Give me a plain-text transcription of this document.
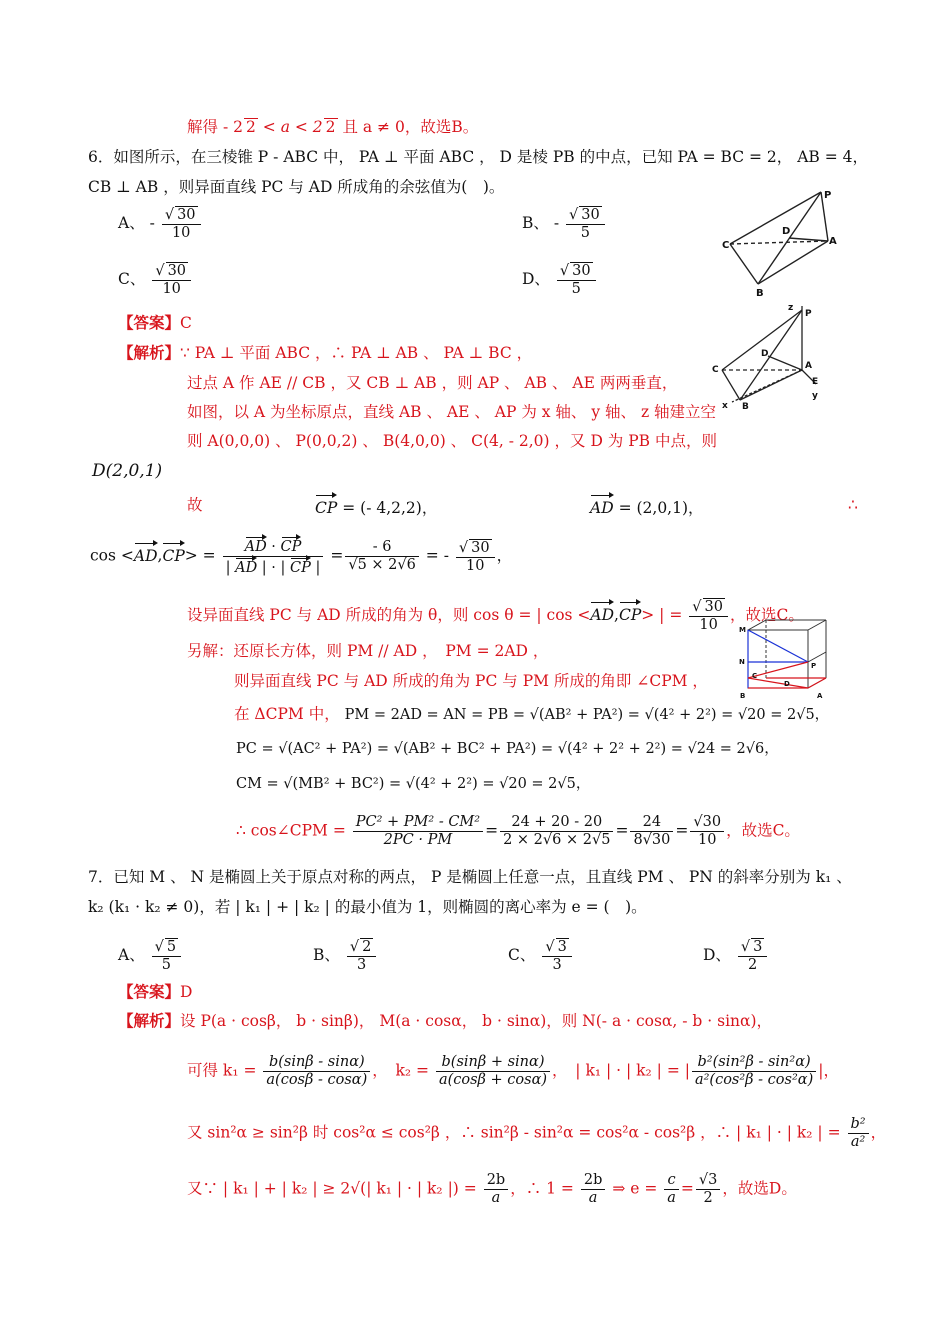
解得 - 2 2 < a < 2 2 且 a ≠ 0，故选B。
6．如图所示，在三棱锥 P - ABC 中， PA ⊥ 平面 ABC ， D 是棱 PB 的中点，已知 PA = BC = 2， AB = 4，
CB ⊥ AB ，则异面直线 PC 与 AD 所成角的余弦值为(　)。
A、 - $\frac{√ 30}{10}$	B、 - $\frac{√ 30}{5}$
C、 $\frac{√ 30}{10}$	D、 $\frac{√ 30}{5}$
P
C
D
A
B
【答案】C
z
P
C
D
A
E
y
x B
【解析】∵ PA ⊥ 平面 ABC ，∴ PA ⊥ AB 、 PA ⊥ BC ，
过点 A 作 AE // CB ，又 CB ⊥ AB ，则 AP 、 AB 、 AE 两两垂直，
如图，以 A 为坐标原点，直线 AB 、 AE 、 AP 为 x 轴、 y 轴、 z 轴建立空
则 A(0,0,0) 、 P(0,0,2) 、 B(4,0,0) 、 C(4, - 2,0) ，又 D 为 PB 中点，则
D(2,0,1)
故	CP = (- 4,2,2)，	AD = (2,0,1)，	∴
$\cos <AD,CP> = \frac{AD \cdot CP}{| AD | \cdot | CP |} = \frac{- 6}{√5 \times 2√6}$ = - $\frac{√ 30}{10}$ ，
设异面直线 PC 与 AD 所成的角为 θ，则 cos θ = | cos <AD,CP> | = $\frac{√ 30}{10}$ ，故选C。
M
N
C
P
B
D
A
另解：还原长方体，则 PM // AD ，　PM = 2AD ，
则异面直线 PC 与 AD 所成的角为 PC 与 PM 所成的角即 ∠CPM ，
在 ΔCPM 中， PM = 2AD = AN = PB = √(AB² + PA²) = √(4² + 2²) = √20 = 2√5，
PC = √(AC² + PA²) = √(AB² + BC² + PA²) = √(4² + 2² + 2²) = √24 = 2√6，
CM = √(MB² + BC²) = √(4² + 2²) = √20 = 2√5，
∴ cos∠CPM = $\frac{\text{PC² + PM² - CM²}}{2PC \cdot PM} = \frac{24 + 20 - 20}{2 \times 2√6 \times 2√5} = \frac{24}{8√30} = \frac{√30}{10}$ ，故选C。
7．已知 M 、 N 是椭圆上关于原点对称的两点， P 是椭圆上任意一点，且直线 PM 、 PN 的斜率分别为 k₁ 、
k₂ (k₁ · k₂ ≠ 0)，若 | k₁ | + | k₂ | 的最小值为 1，则椭圆的离心率为 e = (　)。
A、 $\frac{√ 5}{5}$	B、 $\frac{√ 2}{3}$	C、 $\frac{√ 3}{3}$	D、 $\frac{√ 3}{2}$
【答案】D
【解析】设 P(a · cosβ， b · sinβ)， M(a · cosα， b · sinα)，则 N(- a · cosα, - b · sinα)，
可得 $k_1 = \frac{b(\sin\beta - \sin\alpha)}{a(\cos\beta - \cos\alpha)}$ ，　$k_2 = \frac{b(\sin\beta + \sin\alpha)}{a(\cos\beta + \cos\alpha)}$ ，　| k₁ | · | k₂ | = | $\frac{\text{b²(sin²β - sin²α)}}{\text{a²(cos²β - cos²α)}}$ |，
又 sin²α ≥ sin²β 时 cos²α ≤ cos²β ，∴ sin²β - sin²α = cos²α - cos²β ，∴ | k₁ | · | k₂ | = $\frac{\text{b²}}{\text{a²}}$ ，
又∵ | k₁ | + | k₂ | ≥ 2√(| k₁ | · | k₂ |) = $\frac{2b}{a}$ ，∴ $1 = \frac{2b}{a}$ ⇒ $e = \frac{c}{a} = \frac{√3}{2}$ ，故选D。
